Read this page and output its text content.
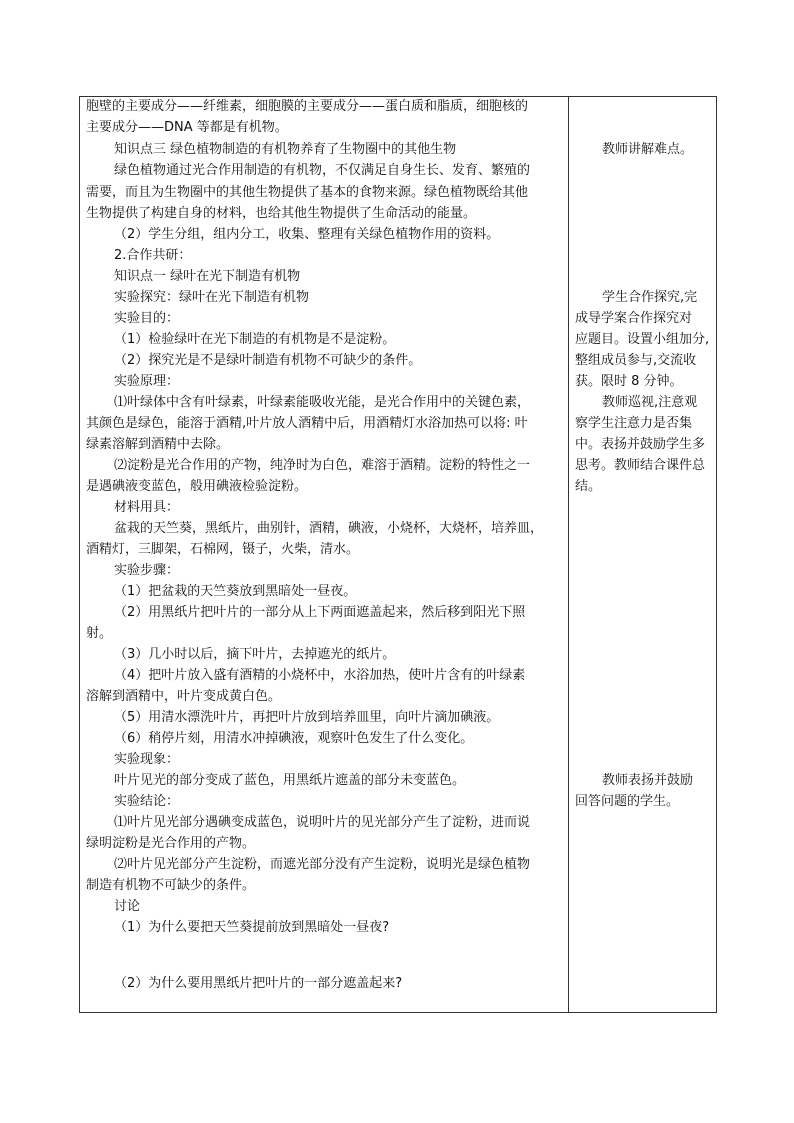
胞壁的主要成分——纤维素，细胞膜的主要成分——蛋白质和脂质，细胞核的
主要成分——DNA 等都是有机物。
知识点三 绿色植物制造的有机物养育了生物圈中的其他生物
绿色植物通过光合作用制造的有机物，不仅满足自身生长、发育、繁殖的
需要，而且为生物圈中的其他生物提供了基本的食物来源。绿色植物既给其他
生物提供了构建自身的材料，也给其他生物提供了生命活动的能量。
（2）学生分组，组内分工，收集、整理有关绿色植物作用的资料。
2.合作共研：
知识点一 绿叶在光下制造有机物
实验探究：绿叶在光下制造有机物
实验目的：
（1）检验绿叶在光下制造的有机物是不是淀粉。
（2）探究光是不是绿叶制造有机物不可缺少的条件。
实验原理：
⑴叶绿体中含有叶绿素，叶绿素能吸收光能，是光合作用中的关键色素，
其颜色是绿色，能溶于酒精,叶片放人酒精中后，用酒精灯水浴加热可以将: 叶
绿素溶解到酒精中去除。
⑵淀粉是光合作用的产物，纯净时为白色，难溶于酒精。淀粉的特性之一
是遇碘液变蓝色，般用碘液检验淀粉。
材料用具：
盆栽的天竺葵，黑纸片，曲别针，酒精，碘液，小烧杯，大烧杯，培养皿，
酒精灯，三脚架，石棉网，镊子，火柴，清水。
实验步骤：
（1）把盆栽的天竺葵放到黑暗处一昼夜。
（2）用黑纸片把叶片的一部分从上下两面遮盖起来，然后移到阳光下照
射。
（3）几小时以后，摘下叶片，去掉遮光的纸片。
（4）把叶片放入盛有酒精的小烧杯中，水浴加热，使叶片含有的叶绿素
溶解到酒精中，叶片变成黄白色。
（5）用清水漂洗叶片，再把叶片放到培养皿里，向叶片滴加碘液。
（6）稍停片刻，用清水冲掉碘液，观察叶色发生了什么变化。
实验现象：
叶片见光的部分变成了蓝色，用黑纸片遮盖的部分未变蓝色。
实验结论：
⑴叶片见光部分遇碘变成蓝色，说明叶片的见光部分产生了淀粉，进而说
绿明淀粉是光合作用的产物。
⑵叶片见光部分产生淀粉，而遮光部分没有产生淀粉，说明光是绿色植物
制造有机物不可缺少的条件。
讨论
（1）为什么要把天竺葵提前放到黑暗处一昼夜?
（2）为什么要用黑纸片把叶片的一部分遮盖起来?
教师讲解难点。
学生合作探究,完
成导学案合作探究对
应题目。设置小组加分,
整组成员参与,交流收
获。限时 8 分钟。
教师巡视,注意观
察学生注意力是否集
中。表扬并鼓励学生多
思考。教师结合课件总
结。
教师表扬并鼓励
回答问题的学生。
